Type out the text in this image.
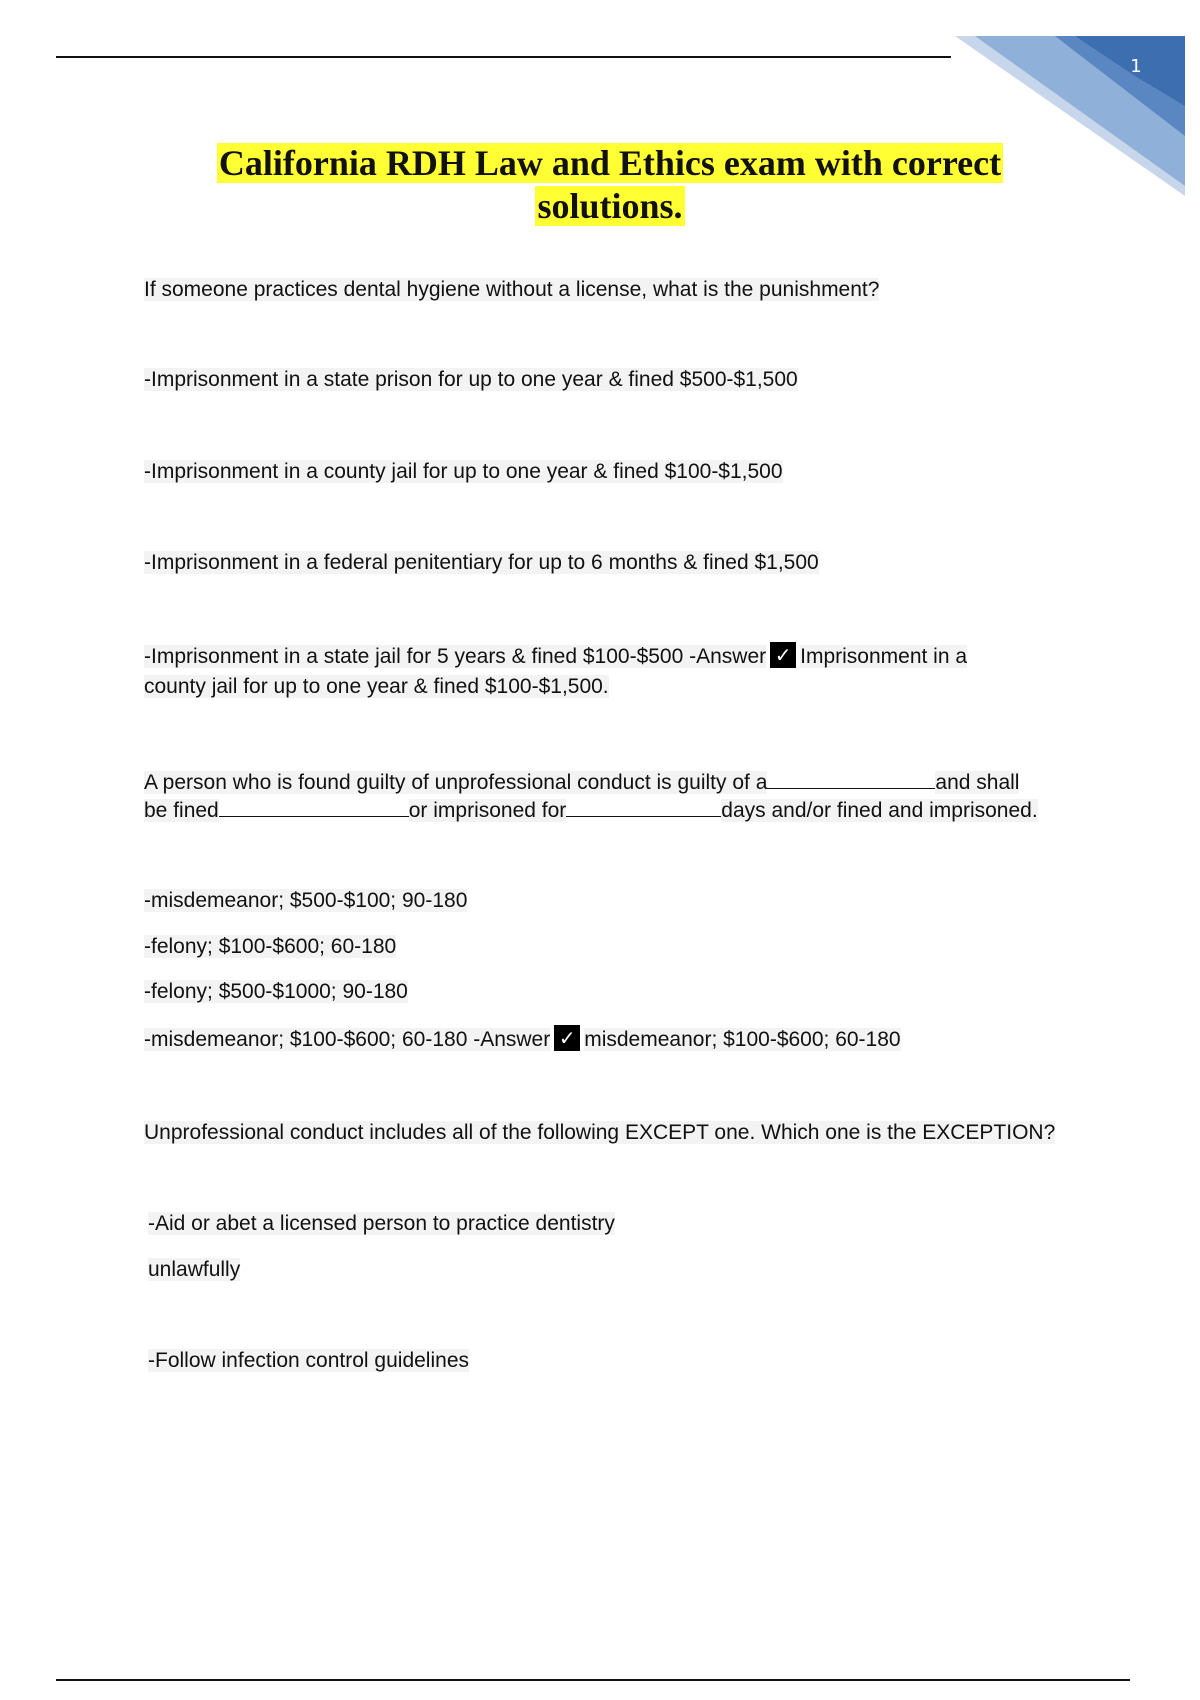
1
California RDH Law and Ethics exam with correct
solutions.
If someone practices dental hygiene without a license, what is the punishment?
-Imprisonment in a state prison for up to one year & fined $500-$1,500
-Imprisonment in a county jail for up to one year & fined $100-$1,500
-Imprisonment in a federal penitentiary for up to 6 months & fined $1,500
-Imprisonment in a state jail for 5 years & fined $100-$500 -Answer ✓ Imprisonment in a
county jail for up to one year & fined $100-$1,500.
A person who is found guilty of unprofessional conduct is guilty of a	and shall
be fined	or imprisoned for	days and/or fined and imprisoned.
-misdemeanor; $500-$100; 90-180
-felony; $100-$600; 60-180
-felony; $500-$1000; 90-180
-misdemeanor; $100-$600; 60-180 -Answer ✓ misdemeanor; $100-$600; 60-180
Unprofessional conduct includes all of the following EXCEPT one. Which one is the EXCEPTION?
-Aid or abet a licensed person to practice dentistry
unlawfully
-Follow infection control guidelines
